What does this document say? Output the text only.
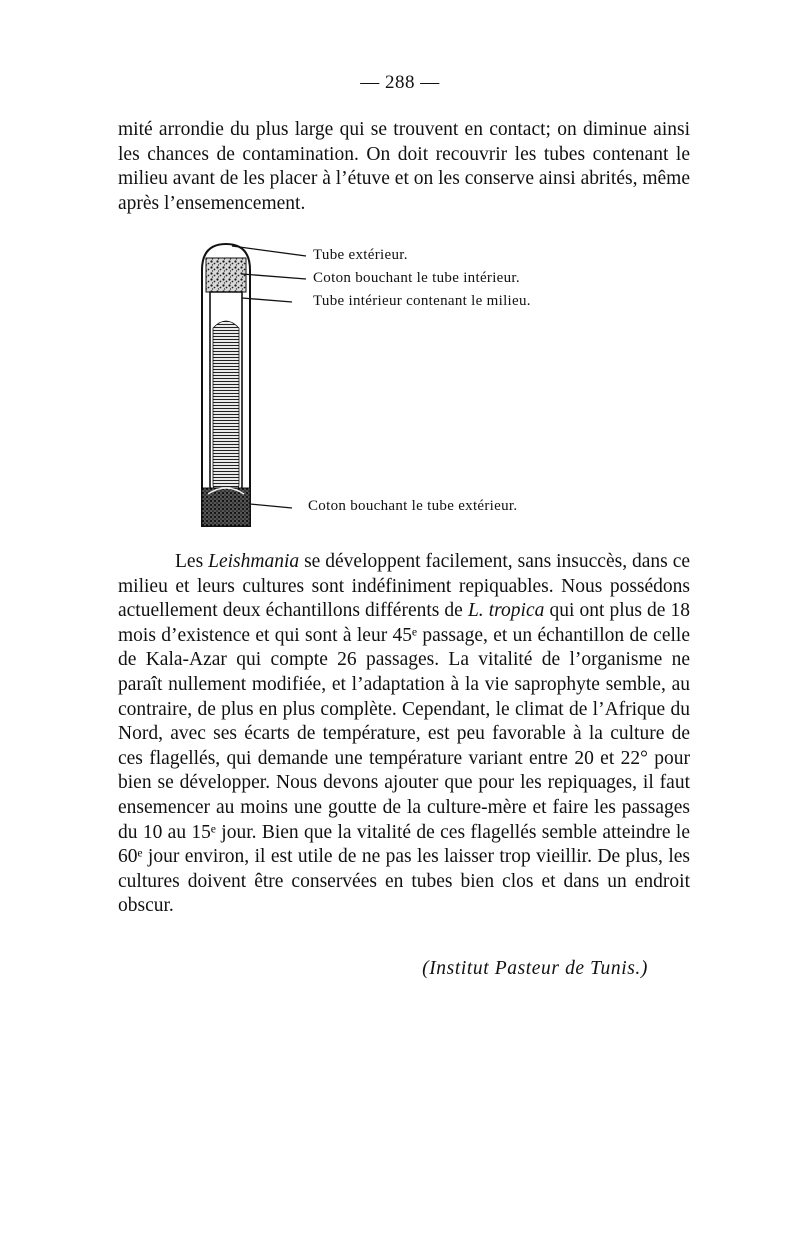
— 288 —

mité arrondie du plus large qui se trouvent en contact; on diminue ainsi les chances de contamination. On doit recouvrir les tubes contenant le milieu avant de les placer à l’étuve et on les conserve ainsi abrités, même après l’ensemencement.

Tube extérieur.
Coton bouchant le tube intérieur.
Tube intérieur contenant le milieu.
Coton bouchant le tube extérieur.

Les Leishmania se développent facilement, sans insuccès, dans ce milieu et leurs cultures sont indéfiniment repiquables. Nous possédons actuellement deux échantillons différents de L. tropica qui ont plus de 18 mois d’existence et qui sont à leur 45ᵉ passage, et un échantillon de celle de Kala-Azar qui compte 26 passages. La vitalité de l’organisme ne paraît nullement modifiée, et l’adaptation à la vie saprophyte semble, au contraire, de plus en plus complète. Cependant, le climat de l’Afrique du Nord, avec ses écarts de température, est peu favorable à la culture de ces flagellés, qui demande une température variant entre 20 et 22° pour bien se développer. Nous devons ajouter que pour les repiquages, il faut ensemencer au moins une goutte de la culture-mère et faire les passages du 10 au 15ᵉ jour. Bien que la vitalité de ces flagellés semble atteindre le 60ᵉ jour environ, il est utile de ne pas les laisser trop vieillir. De plus, les cultures doivent être conservées en tubes bien clos et dans un endroit obscur.

(Institut Pasteur de Tunis.)
